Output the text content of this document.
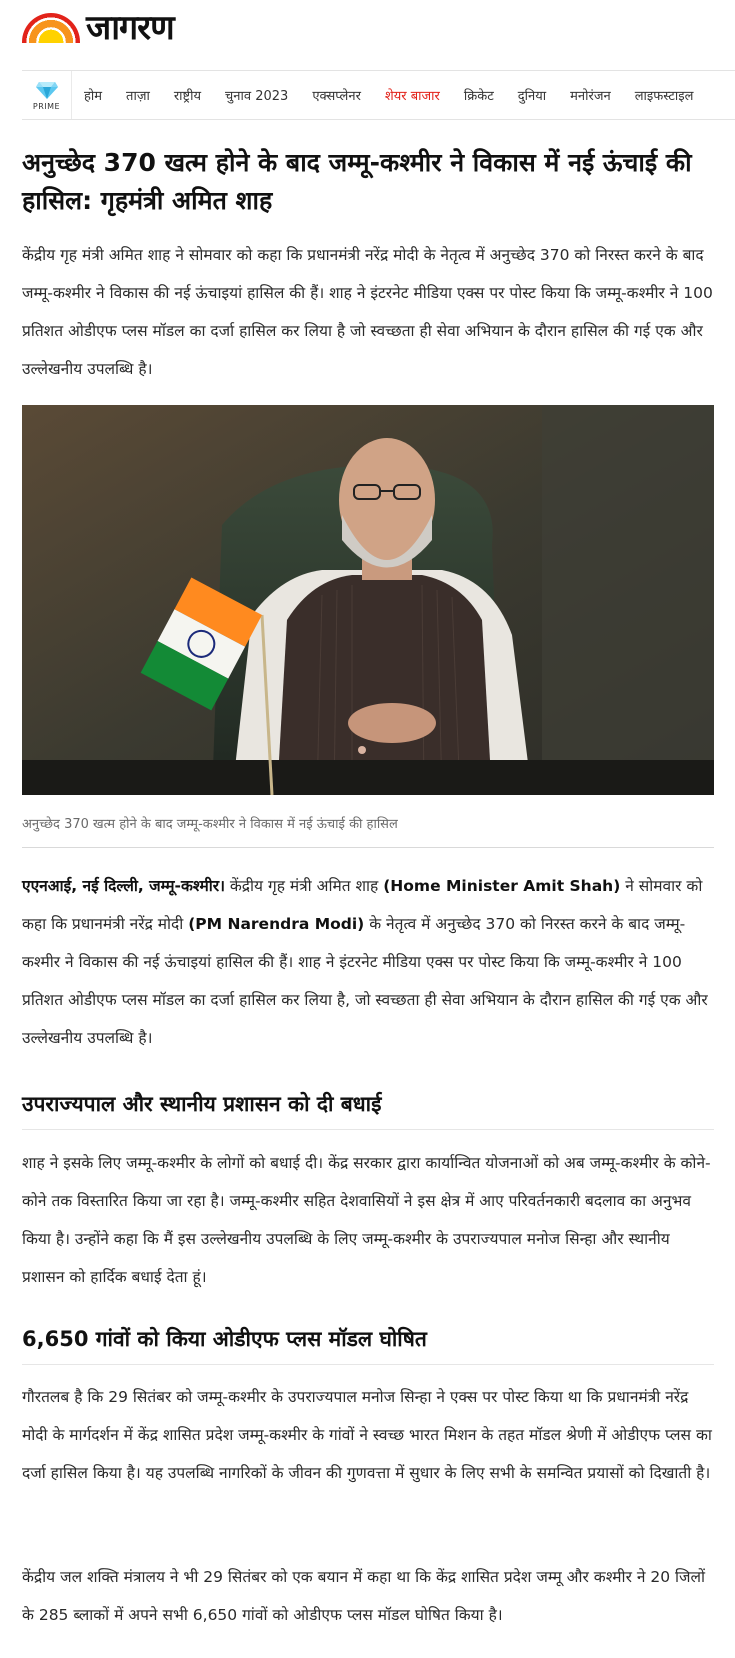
जागरण
PRIME
होम ताज़ा राष्ट्रीय चुनाव 2023 एक्सप्लेनर शेयर बाजार क्रिकेट दुनिया मनोरंजन लाइफस्टाइल
अनुच्छेद 370 खत्म होने के बाद जम्मू-कश्मीर ने विकास में नई ऊंचाई की हासिल: गृहमंत्री अमित शाह

केंद्रीय गृह मंत्री अमित शाह ने सोमवार को कहा कि प्रधानमंत्री नरेंद्र मोदी के नेतृत्व में अनुच्छेद 370 को निरस्त करने के बाद जम्मू-कश्मीर ने विकास की नई ऊंचाइयां हासिल की हैं। शाह ने इंटरनेट मीडिया एक्स पर पोस्ट किया कि जम्मू-कश्मीर ने 100 प्रतिशत ओडीएफ प्लस मॉडल का दर्जा हासिल कर लिया है जो स्वच्छता ही सेवा अभियान के दौरान हासिल की गई एक और उल्लेखनीय उपलब्धि है।

अनुच्छेद 370 खत्म होने के बाद जम्मू-कश्मीर ने विकास में नई ऊंचाई की हासिल

एएनआई, नई दिल्ली, जम्मू-कश्मीर। केंद्रीय गृह मंत्री अमित शाह (Home Minister Amit Shah) ने सोमवार को कहा कि प्रधानमंत्री नरेंद्र मोदी (PM Narendra Modi) के नेतृत्व में अनुच्छेद 370 को निरस्त करने के बाद जम्मू-कश्मीर ने विकास की नई ऊंचाइयां हासिल की हैं। शाह ने इंटरनेट मीडिया एक्स पर पोस्ट किया कि जम्मू-कश्मीर ने 100 प्रतिशत ओडीएफ प्लस मॉडल का दर्जा हासिल कर लिया है, जो स्वच्छता ही सेवा अभियान के दौरान हासिल की गई एक और उल्लेखनीय उपलब्धि है।

उपराज्यपाल और स्थानीय प्रशासन को दी बधाई

शाह ने इसके लिए जम्मू-कश्मीर के लोगों को बधाई दी। केंद्र सरकार द्वारा कार्यान्वित योजनाओं को अब जम्मू-कश्मीर के कोने-कोने तक विस्तारित किया जा रहा है। जम्मू-कश्मीर सहित देशवासियों ने इस क्षेत्र में आए परिवर्तनकारी बदलाव का अनुभव किया है। उन्होंने कहा कि मैं इस उल्लेखनीय उपलब्धि के लिए जम्मू-कश्मीर के उपराज्यपाल मनोज सिन्हा और स्थानीय प्रशासन को हार्दिक बधाई देता हूं।

6,650 गांवों को किया ओडीएफ प्लस मॉडल घोषित

गौरतलब है कि 29 सितंबर को जम्मू-कश्मीर के उपराज्यपाल मनोज सिन्हा ने एक्स पर पोस्ट किया था कि प्रधानमंत्री नरेंद्र मोदी के मार्गदर्शन में केंद्र शासित प्रदेश जम्मू-कश्मीर के गांवों ने स्वच्छ भारत मिशन के तहत मॉडल श्रेणी में ओडीएफ प्लस का दर्जा हासिल किया है। यह उपलब्धि नागरिकों के जीवन की गुणवत्ता में सुधार के लिए सभी के समन्वित प्रयासों को दिखाती है।

केंद्रीय जल शक्ति मंत्रालय ने भी 29 सितंबर को एक बयान में कहा था कि केंद्र शासित प्रदेश जम्मू और कश्मीर ने 20 जिलों के 285 ब्लाकों में अपने सभी 6,650 गांवों को ओडीएफ प्लस मॉडल घोषित किया है।
